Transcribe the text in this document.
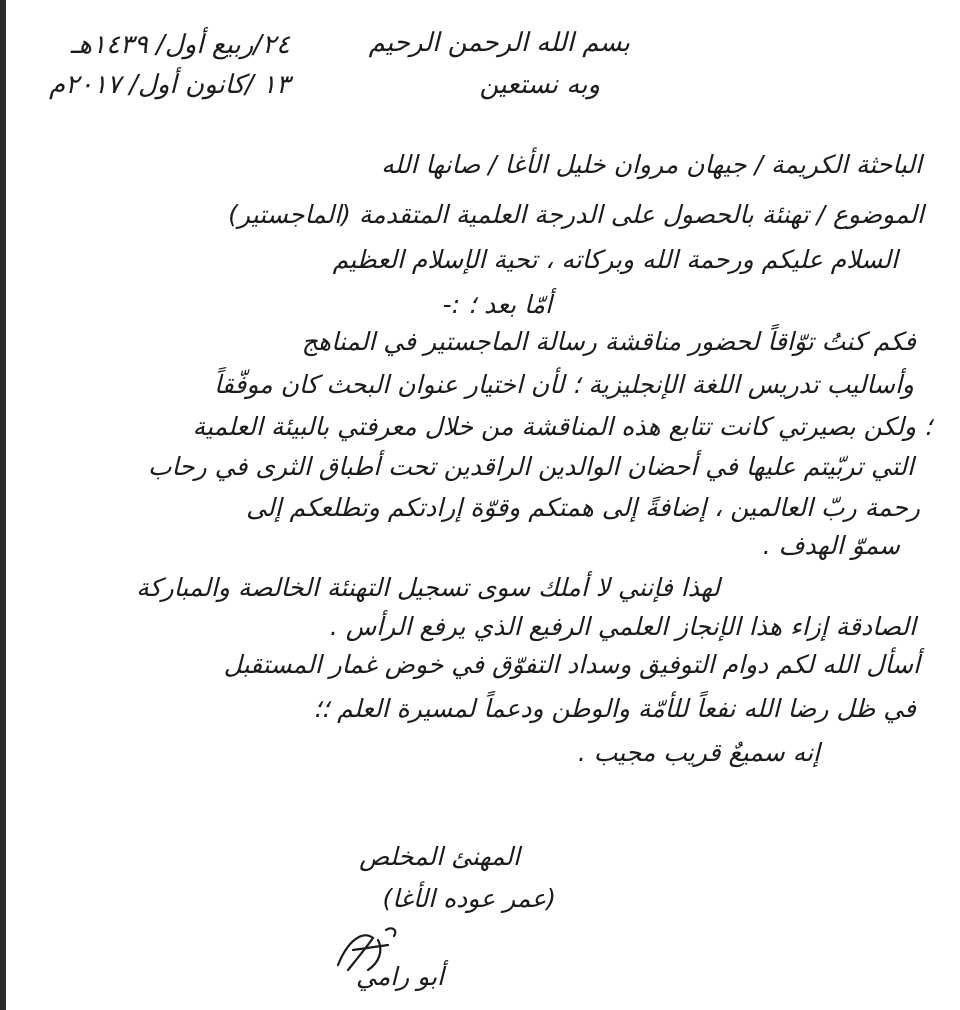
بسم الله الرحمن الرحيم
وبه نستعين
٢٤/ربيع أول/ ١٤٣٩هـ
١٣ /كانون أول/ ٢٠١٧م
الباحثة الكريمة / جيهان مروان خليل الأغا / صانها الله
الموضوع / تهنئة بالحصول على الدرجة العلمية المتقدمة (الماجستير)
السلام عليكم ورحمة الله وبركاته ، تحية الإسلام العظيم
أمّا بعد ؛ :-
فكم كنتُ توّاقاً لحضور مناقشة رسالة الماجستير في المناهج
وأساليب تدريس اللغة الإنجليزية ؛ لأن اختيار عنوان البحث كان موفّقاً
؛ ولكن بصيرتي كانت تتابع هذه المناقشة من خلال معرفتي بالبيئة العلمية
التي تربّيتم عليها في أحضان الوالدين الراقدين تحت أطباق الثرى في رحاب
رحمة ربّ العالمين ، إضافةً إلى همتكم وقوّة إرادتكم وتطلعكم إلى
سموّ الهدف .
لهذا فإنني لا أملك سوى تسجيل التهنئة الخالصة والمباركة
الصادقة إزاء هذا الإنجاز العلمي الرفيع الذي يرفع الرأس .
أسأل الله لكم دوام التوفيق وسداد التفوّق في خوض غمار المستقبل
في ظل رضا الله نفعاً للأمّة والوطن ودعماً لمسيرة العلم ؛؛
إنه سميعٌ قريب مجيب .
المهنئ المخلص
(عمر عوده الأغا)
أبو رامي
